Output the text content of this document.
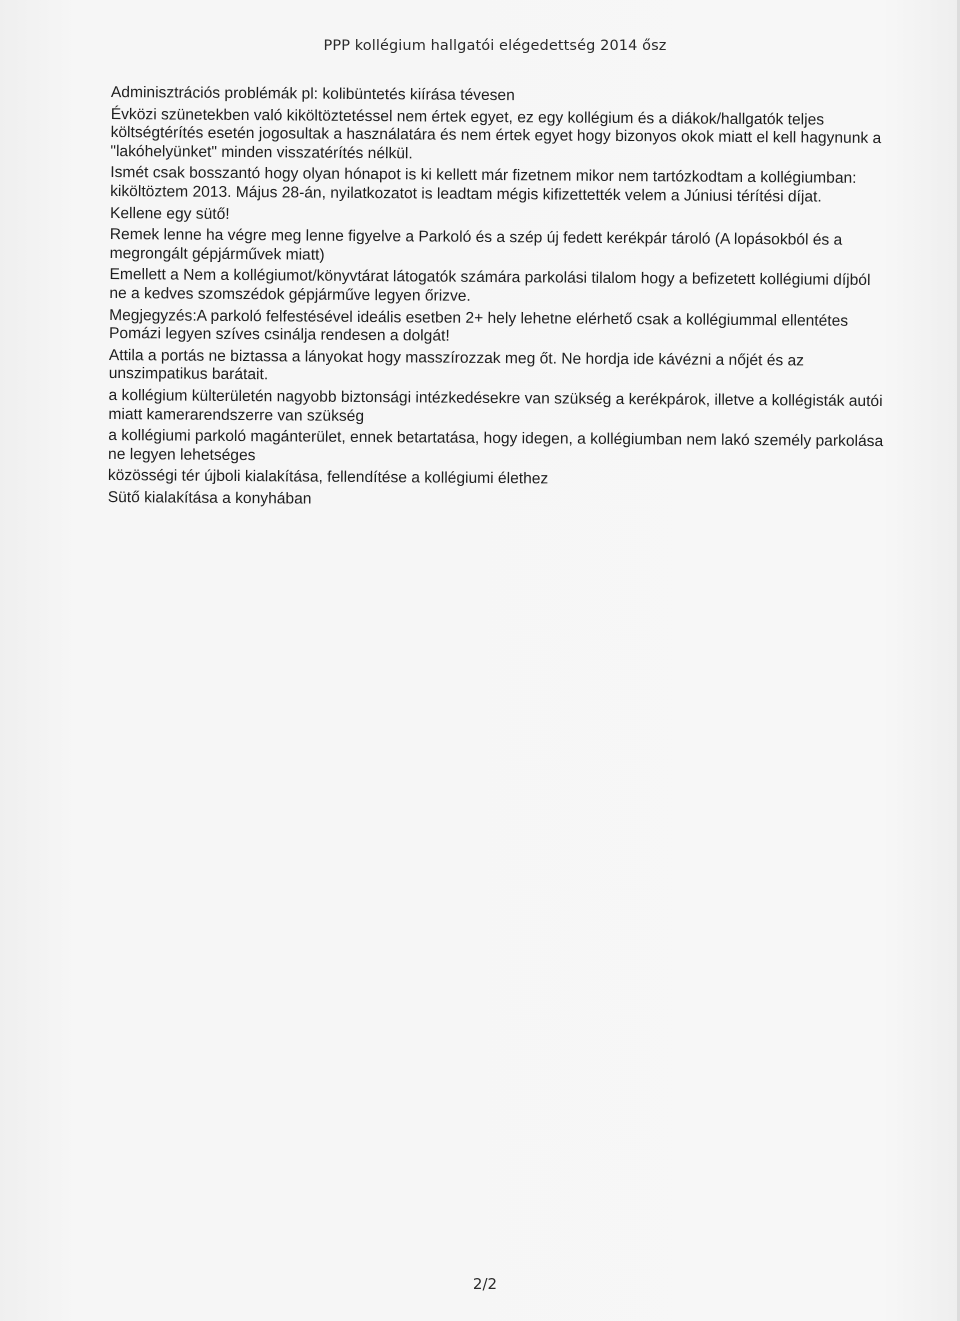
PPP kollégium hallgatói elégedettség 2014 ősz

Adminisztrációs problémák pl: kolibüntetés kiírása tévesen

Évközi szünetekben való kiköltöztetéssel nem értek egyet, ez egy kollégium és a diákok/hallgatók teljes költségtérítés esetén jogosultak a használatára és nem értek egyet hogy bizonyos okok miatt el kell hagynunk a "lakóhelyünket" minden visszatérítés nélkül.

Ismét csak bosszantó hogy olyan hónapot is ki kellett már fizetnem mikor nem tartózkodtam a kollégiumban: kiköltöztem 2013. Május 28-án, nyilatkozatot is leadtam mégis kifizettették velem a Júniusi térítési díjat.

Kellene egy sütő!

Remek lenne ha végre meg lenne figyelve a Parkoló és a szép új fedett kerékpár tároló (A lopásokból és a megrongált gépjárművek miatt)

Emellett a Nem a kollégiumot/könyvtárat látogatók számára parkolási tilalom hogy a befizetett kollégiumi díjból ne a kedves szomszédok gépjárműve legyen őrizve.

Megjegyzés:A parkoló felfestésével ideális esetben 2+ hely lehetne elérhető csak a kollégiummal ellentétes Pomázi legyen szíves csinálja rendesen a dolgát!

Attila a portás ne biztassa a lányokat hogy masszírozzak meg őt. Ne hordja ide kávézni a nőjét és az unszimpatikus barátait.

a kollégium külterületén nagyobb biztonsági intézkedésekre van szükség a kerékpárok, illetve a kollégisták autói miatt kamerarendszerre van szükség

a kollégiumi parkoló magánterület, ennek betartatása, hogy idegen, a kollégiumban nem lakó személy parkolása ne legyen lehetséges

közösségi tér újboli kialakítása, fellendítése a kollégiumi élethez

Sütő kialakítása a konyhában

2/2
